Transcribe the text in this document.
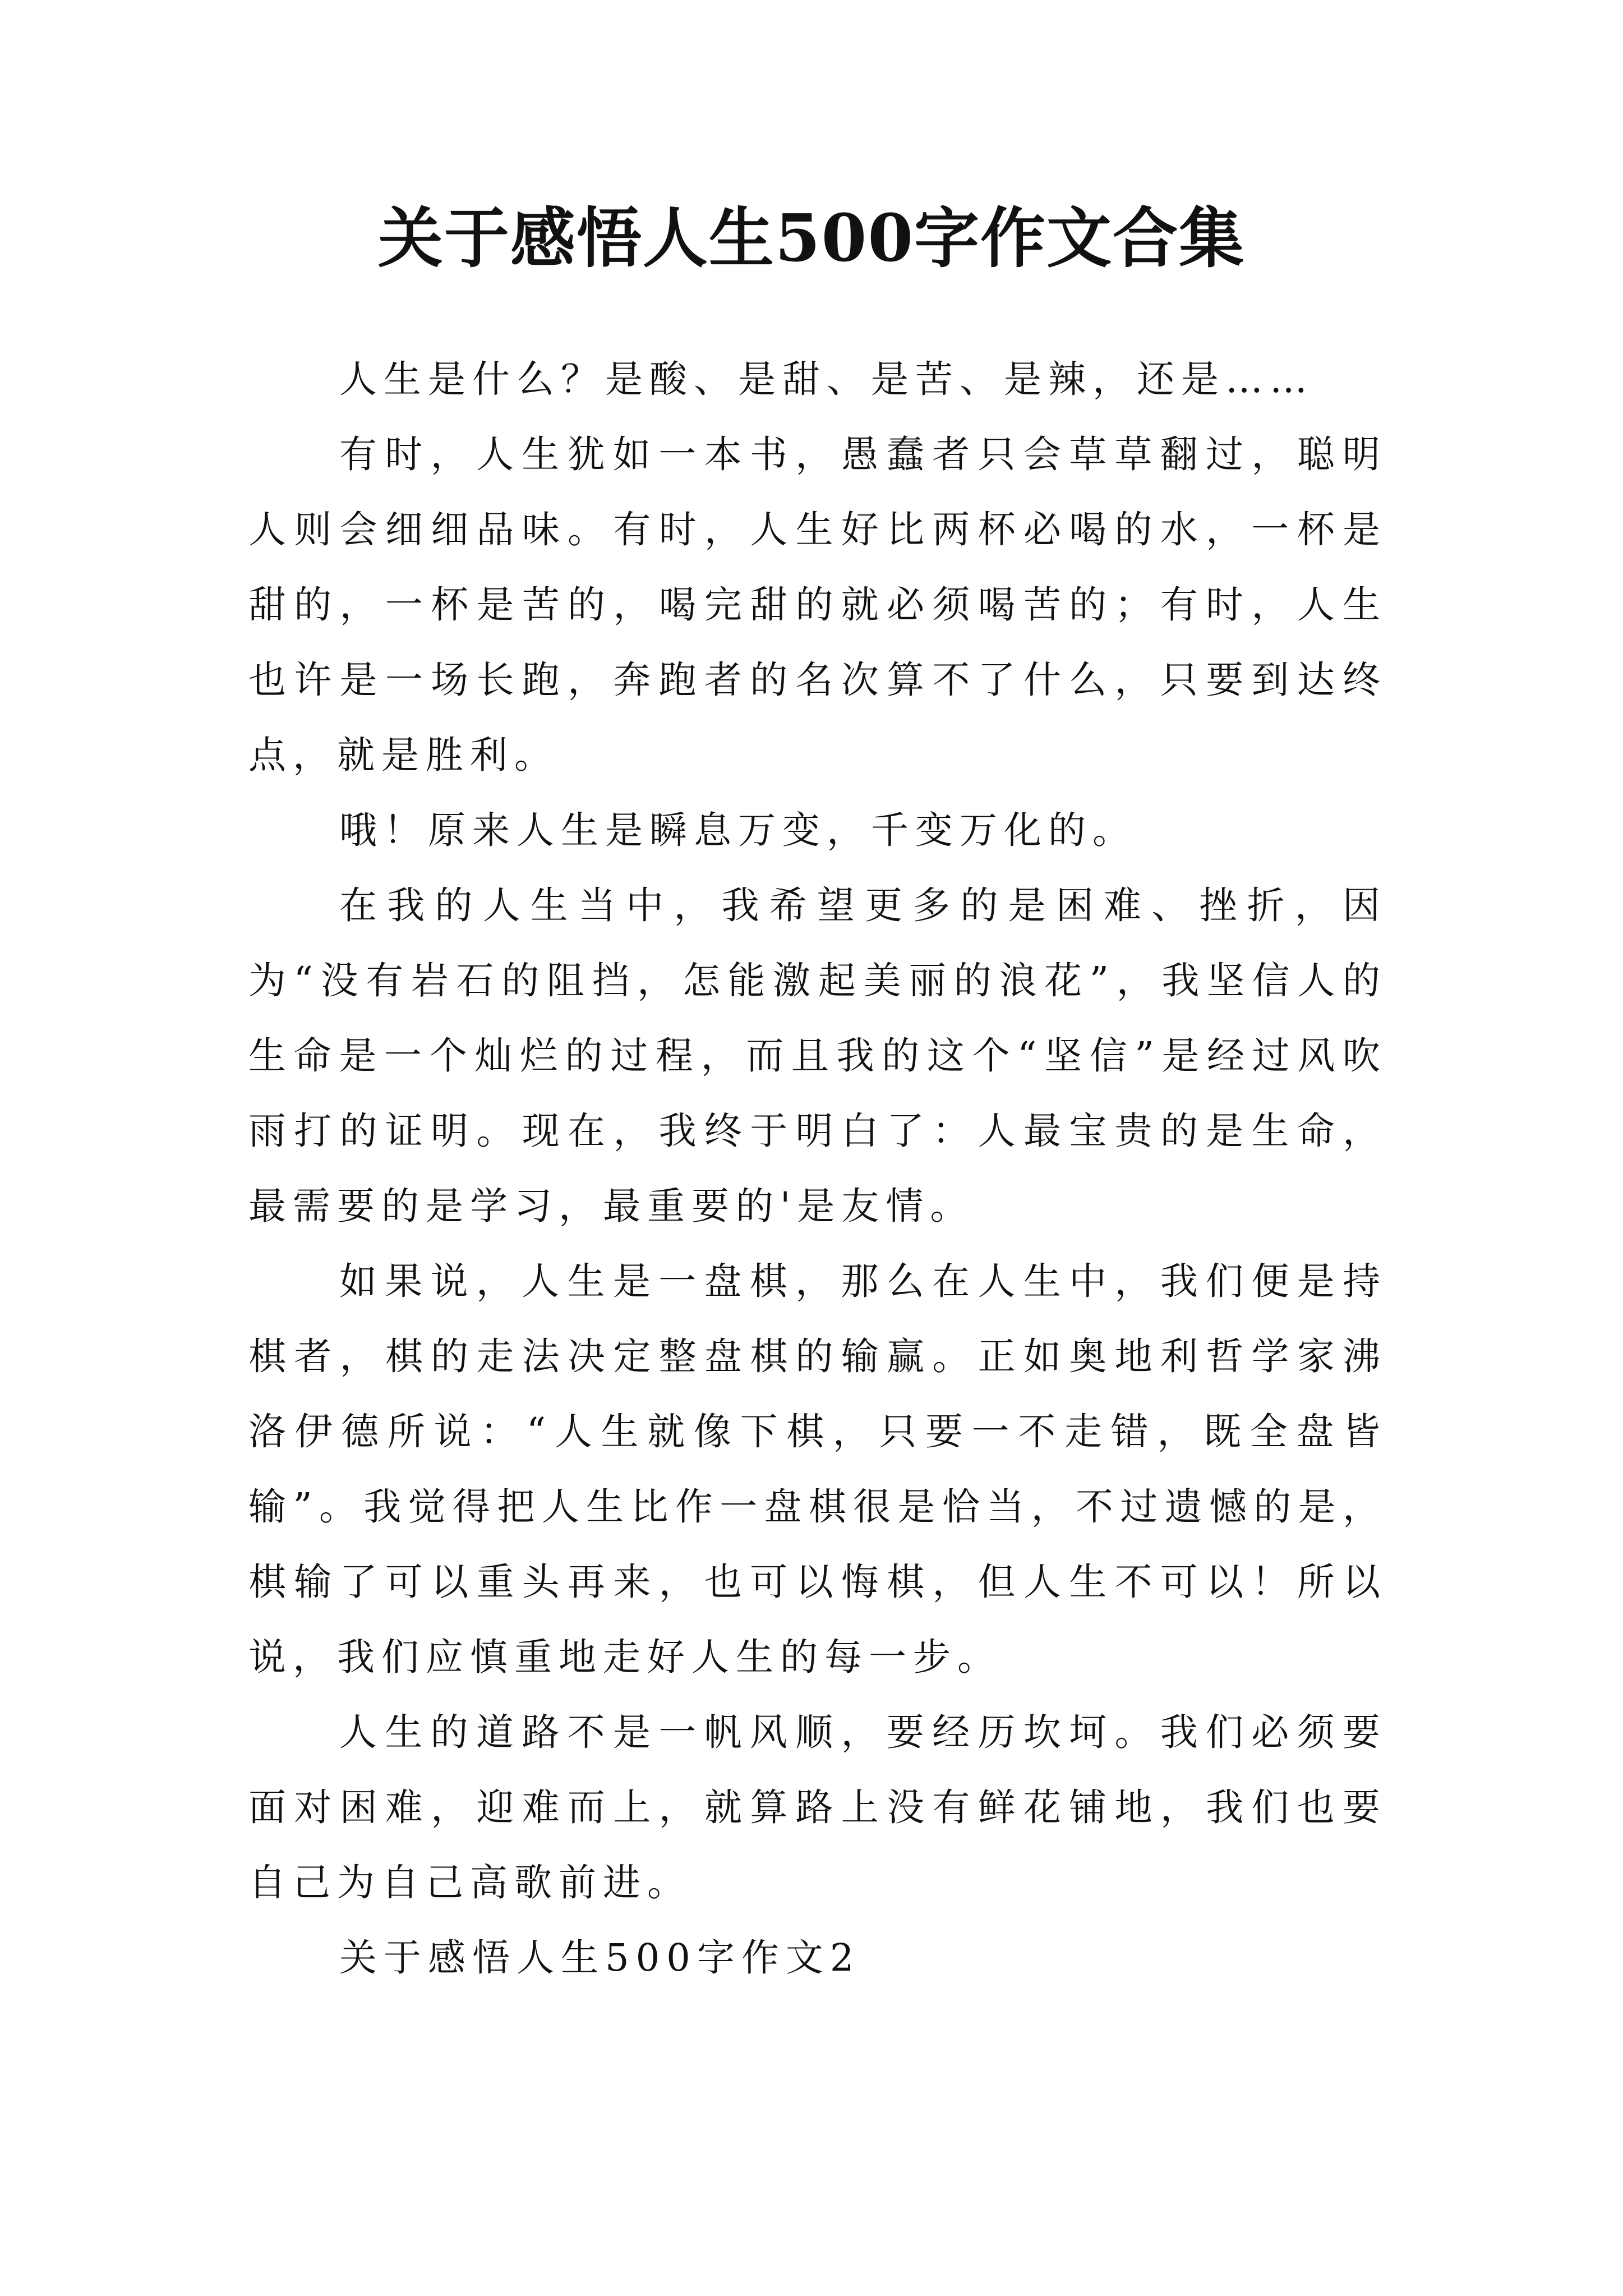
关于感悟人生500字作文合集

人生是什么？是酸、是甜、是苦、是辣，还是……

有时，人生犹如一本书，愚蠢者只会草草翻过，聪明人则会细细品味。有时，人生好比两杯必喝的水，一杯是甜的，一杯是苦的，喝完甜的就必须喝苦的；有时，人生也许是一场长跑，奔跑者的名次算不了什么，只要到达终点，就是胜利。

哦！原来人生是瞬息万变，千变万化的。

在我的人生当中，我希望更多的是困难、挫折，因为“没有岩石的阻挡，怎能激起美丽的浪花”，我坚信人的生命是一个灿烂的过程，而且我的这个“坚信”是经过风吹雨打的证明。现在，我终于明白了：人最宝贵的是生命，最需要的是学习，最重要的'是友情。

如果说，人生是一盘棋，那么在人生中，我们便是持棋者，棋的走法决定整盘棋的输赢。正如奥地利哲学家沸洛伊德所说：“人生就像下棋，只要一不走错，既全盘皆输”。我觉得把人生比作一盘棋很是恰当，不过遗憾的是，棋输了可以重头再来，也可以悔棋，但人生不可以！所以说，我们应慎重地走好人生的每一步。

人生的道路不是一帆风顺，要经历坎坷。我们必须要面对困难，迎难而上，就算路上没有鲜花铺地，我们也要自己为自己高歌前进。

关于感悟人生500字作文2
